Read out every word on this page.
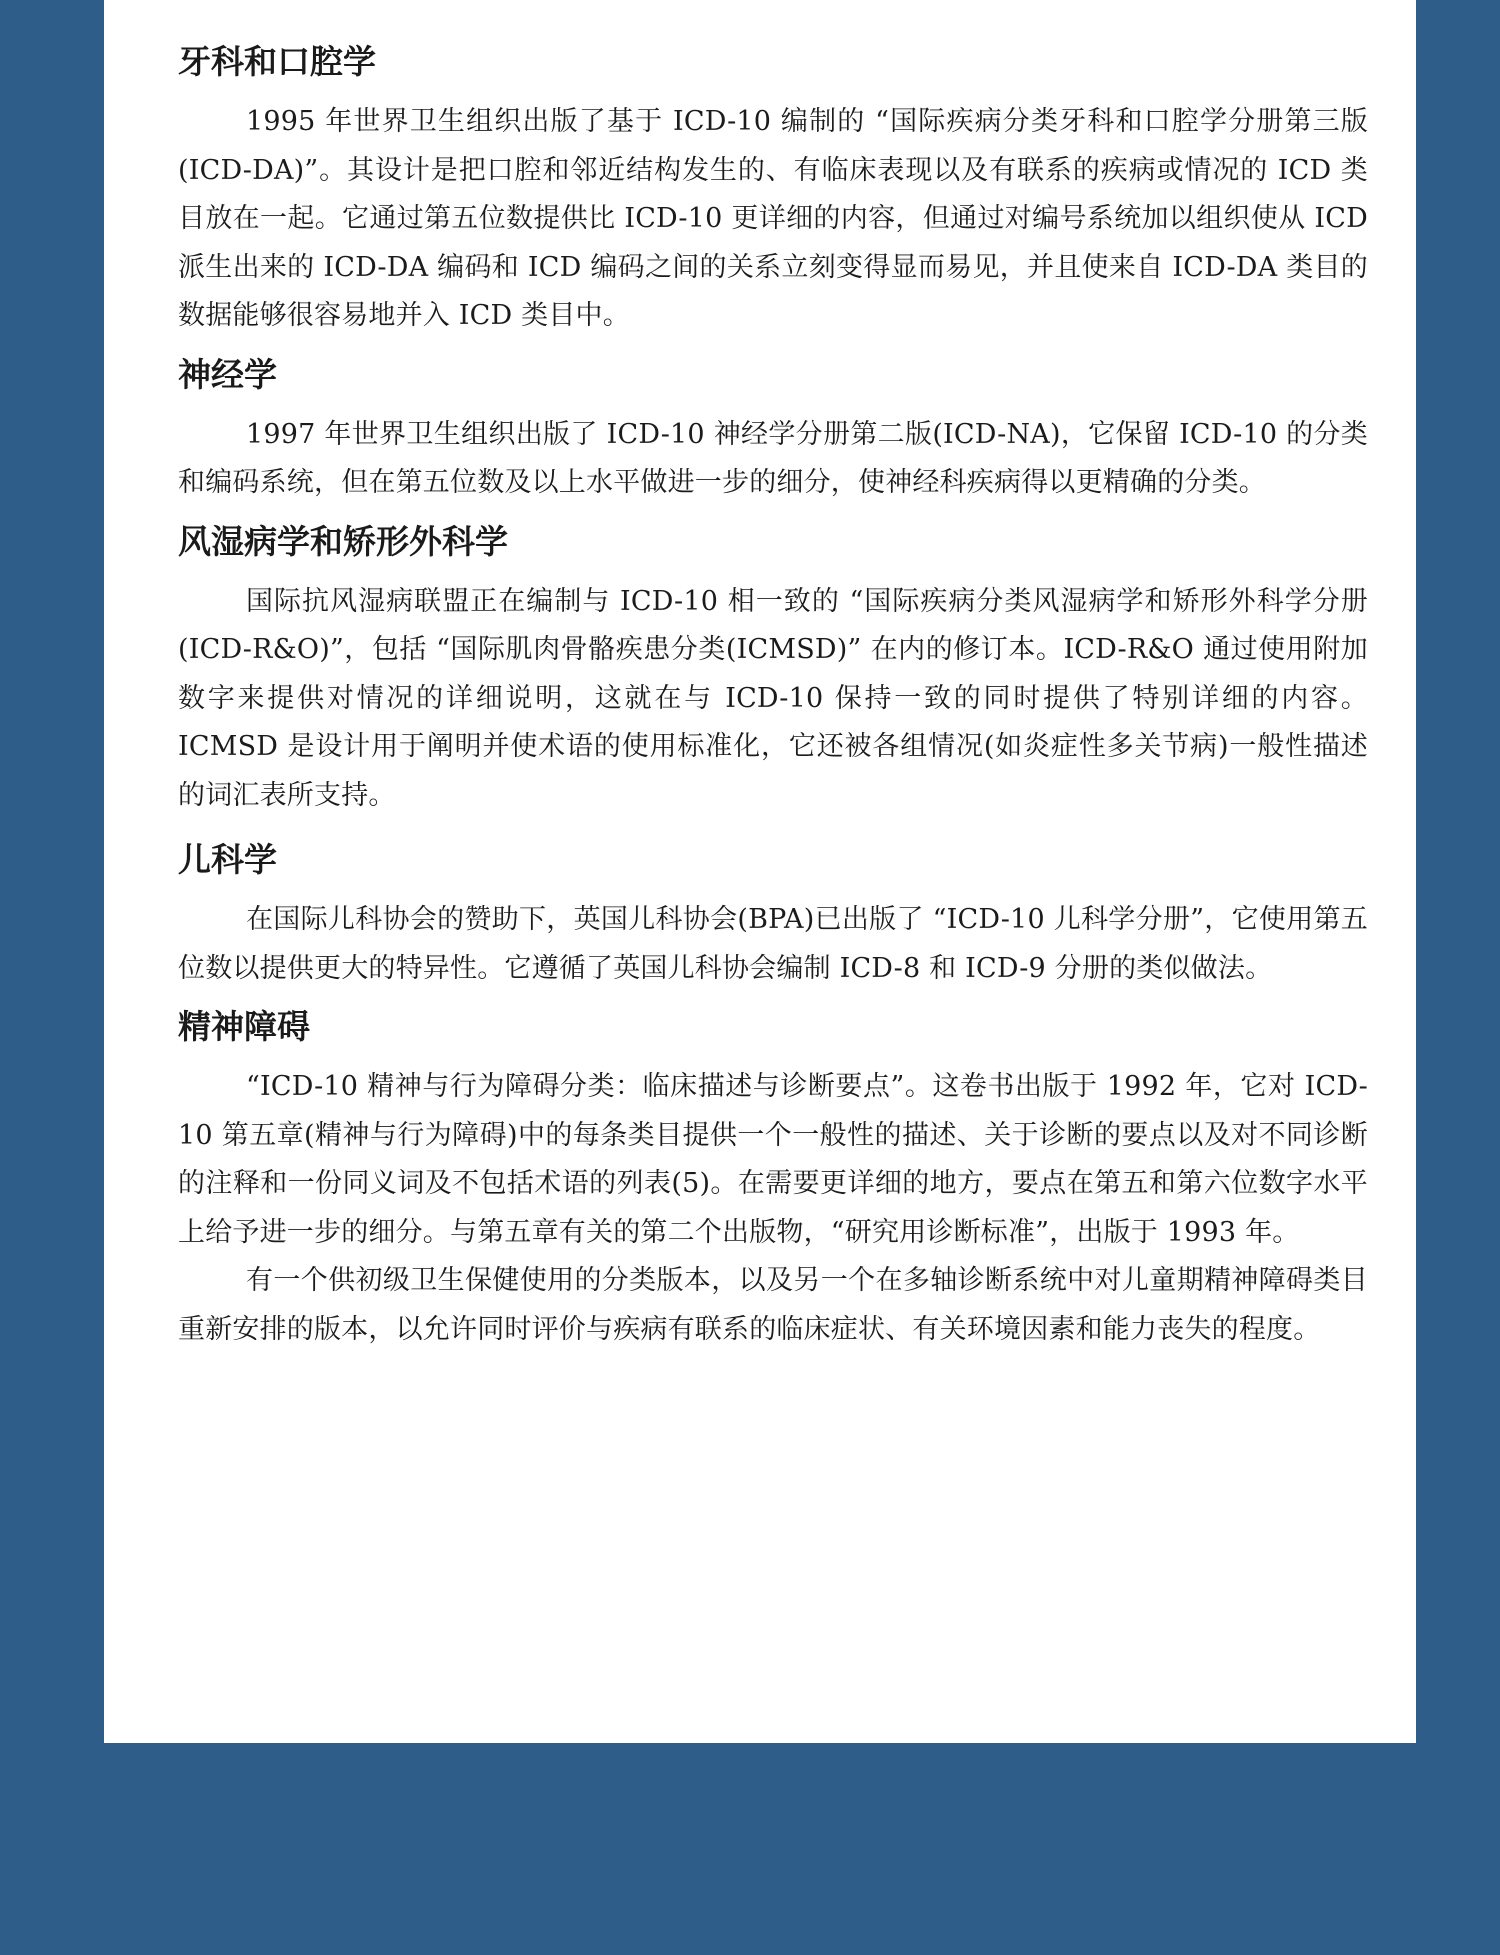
牙科和口腔学

1995 年世界卫生组织出版了基于 ICD-10 编制的 “国际疾病分类牙科和口腔学分册第三版(ICD-DA)”。其设计是把口腔和邻近结构发生的、有临床表现以及有联系的疾病或情况的 ICD 类目放在一起。它通过第五位数提供比 ICD-10 更详细的内容，但通过对编号系统加以组织使从 ICD 派生出来的 ICD-DA 编码和 ICD 编码之间的关系立刻变得显而易见，并且使来自 ICD-DA 类目的数据能够很容易地并入 ICD 类目中。

神经学

1997 年世界卫生组织出版了 ICD-10 神经学分册第二版(ICD-NA)，它保留 ICD-10 的分类和编码系统，但在第五位数及以上水平做进一步的细分，使神经科疾病得以更精确的分类。

风湿病学和矫形外科学

国际抗风湿病联盟正在编制与 ICD-10 相一致的 “国际疾病分类风湿病学和矫形外科学分册(ICD-R&O)”，包括 “国际肌肉骨骼疾患分类(ICMSD)” 在内的修订本。ICD-R&O 通过使用附加数字来提供对情况的详细说明，这就在与 ICD-10 保持一致的同时提供了特别详细的内容。ICMSD 是设计用于阐明并使术语的使用标准化，它还被各组情况(如炎症性多关节病)一般性描述的词汇表所支持。

儿科学

在国际儿科协会的赞助下，英国儿科协会(BPA)已出版了 “ICD-10 儿科学分册”，它使用第五位数以提供更大的特异性。它遵循了英国儿科协会编制 ICD-8 和 ICD-9 分册的类似做法。

精神障碍

“ICD-10 精神与行为障碍分类：临床描述与诊断要点”。这卷书出版于 1992 年，它对 ICD-10 第五章(精神与行为障碍)中的每条类目提供一个一般性的描述、关于诊断的要点以及对不同诊断的注释和一份同义词及不包括术语的列表(5)。在需要更详细的地方，要点在第五和第六位数字水平上给予进一步的细分。与第五章有关的第二个出版物，“研究用诊断标准”，出版于 1993 年。

有一个供初级卫生保健使用的分类版本，以及另一个在多轴诊断系统中对儿童期精神障碍类目重新安排的版本，以允许同时评价与疾病有联系的临床症状、有关环境因素和能力丧失的程度。
